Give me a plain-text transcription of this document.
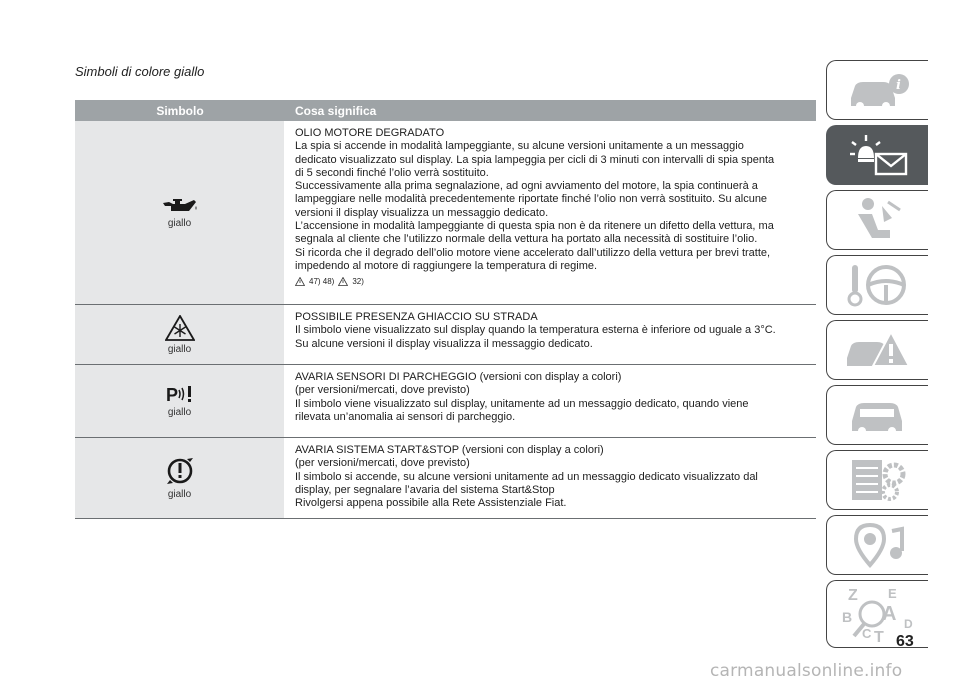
Simboli di colore giallo
Simbolo	Cosa significa
giallo

OLIO MOTORE DEGRADATO

La spia si accende in modalità lampeggiante, su alcune versioni unitamente a un messaggio

dedicato visualizzato sul display. La spia lampeggia per cicli di 3 minuti con intervalli di spia spenta

di 5 secondi finché l’olio verrà sostituito.

Successivamente alla prima segnalazione, ad ogni avviamento del motore, la spia continuerà a

lampeggiare nelle modalità precedentemente riportate finché l’olio non verrà sostituito. Su alcune

versioni il display visualizza un messaggio dedicato.

L’accensione in modalità lampeggiante di questa spia non è da ritenere un difetto della vettura, ma

segnala al cliente che l’utilizzo normale della vettura ha portato alla necessità di sostituire l’olio.

Si ricorda che il degrado dell’olio motore viene accelerato dall’utilizzo della vettura per brevi tratte,

impedendo al motore di raggiungere la temperatura di regime.

47) 48) 32)
giallo

POSSIBILE PRESENZA GHIACCIO SU STRADA

Il simbolo viene visualizzato sul display quando la temperatura esterna è inferiore od uguale a 3°C.

Su alcune versioni il display visualizza il messaggio dedicato.

P
giallo

AVARIA SENSORI DI PARCHEGGIO (versioni con display a colori)

(per versioni/mercati, dove previsto)

Il simbolo viene visualizzato sul display, unitamente ad un messaggio dedicato, quando viene

rilevata un’anomalia ai sensori di parcheggio.

giallo

AVARIA SISTEMA START&STOP (versioni con display a colori)

(per versioni/mercati, dove previsto)

Il simbolo si accende, su alcune versioni unitamente ad un messaggio dedicato visualizzato dal

display, per segnalare l’avaria del sistema Start&Stop

Rivolgersi appena possibile alla Rete Assistenziale Fiat.

i
Z E
A
B
C
D
T 63
carmanualsonline.info
